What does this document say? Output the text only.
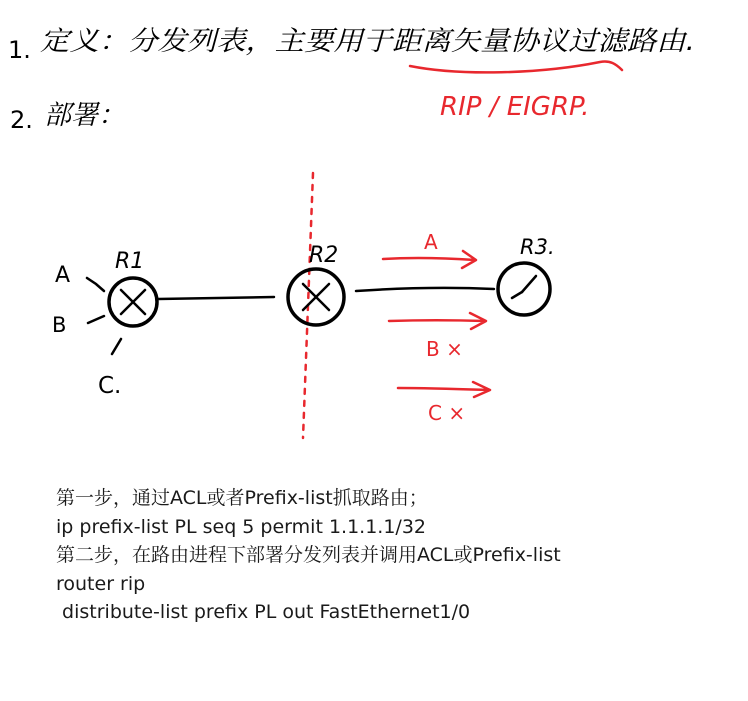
1. 定义：分发列表，主要用于距离矢量协议过滤路由.
RIP / EIGRP.
2. 部署：
R1	R2	R3.
A
B
C.
A
B ×
C ×
第一步，通过ACL或者Prefix-list抓取路由；
ip prefix-list PL seq 5 permit 1.1.1.1/32
第二步，在路由进程下部署分发列表并调用ACL或Prefix-list
router rip
distribute-list prefix PL out FastEthernet1/0
